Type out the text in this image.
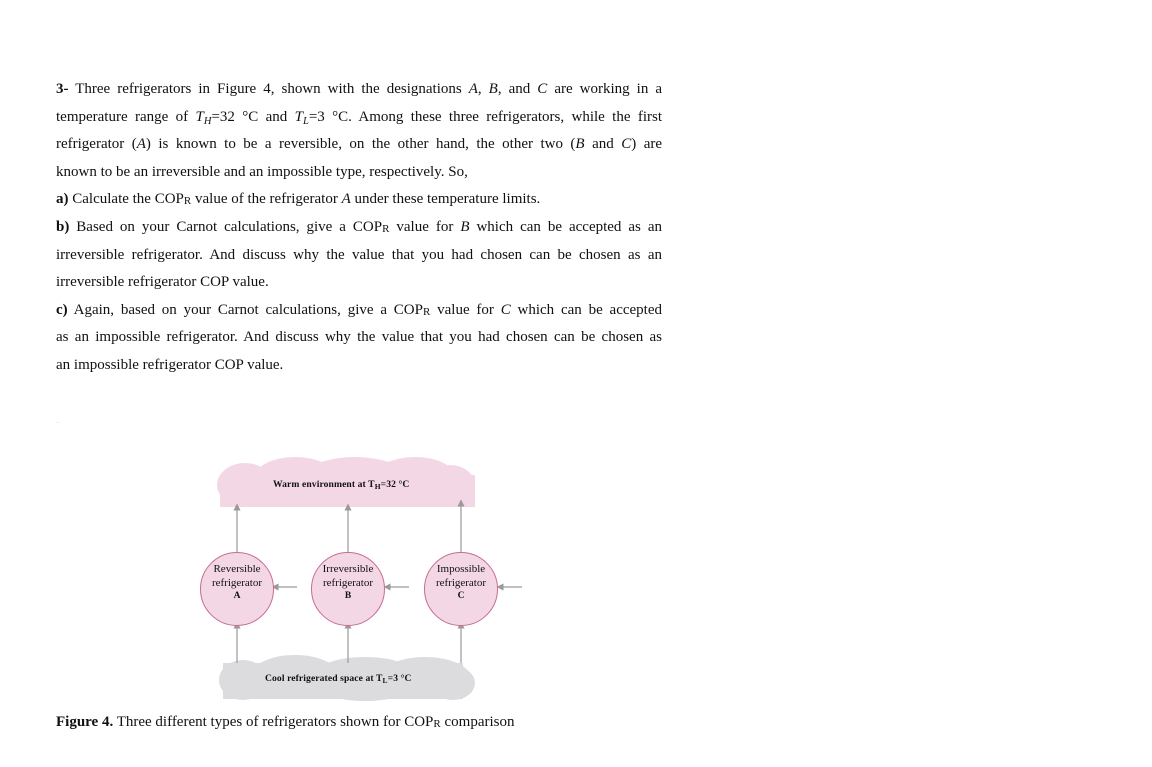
3- Three refrigerators in Figure 4, shown with the designations A, B, and C are working in a
temperature range of $T_H=32$ °C and $T_L=3$ °C. Among these three refrigerators, while the first
refrigerator (A) is known to be a reversible, on the other hand, the other two (B and C) are
known to be an irreversible and an impossible type, respectively. So,
a) Calculate the COPR value of the refrigerator A under these temperature limits.
b) Based on your Carnot calculations, give a COPR value for B which can be accepted as an
irreversible refrigerator. And discuss why the value that you had chosen can be chosen as an
irreversible refrigerator COP value.
c) Again, based on your Carnot calculations, give a COPR value for C which can be accepted
as an impossible refrigerator. And discuss why the value that you had chosen can be chosen as
an impossible refrigerator COP value.
...
Warm environment at $T_H=32$ °C
Reversible
refrigerator
A
Irreversible
refrigerator
B
Impossible
refrigerator
C
Cool refrigerated space at $T_L=3$ °C
Figure 4. Three different types of refrigerators shown for COPR comparison
